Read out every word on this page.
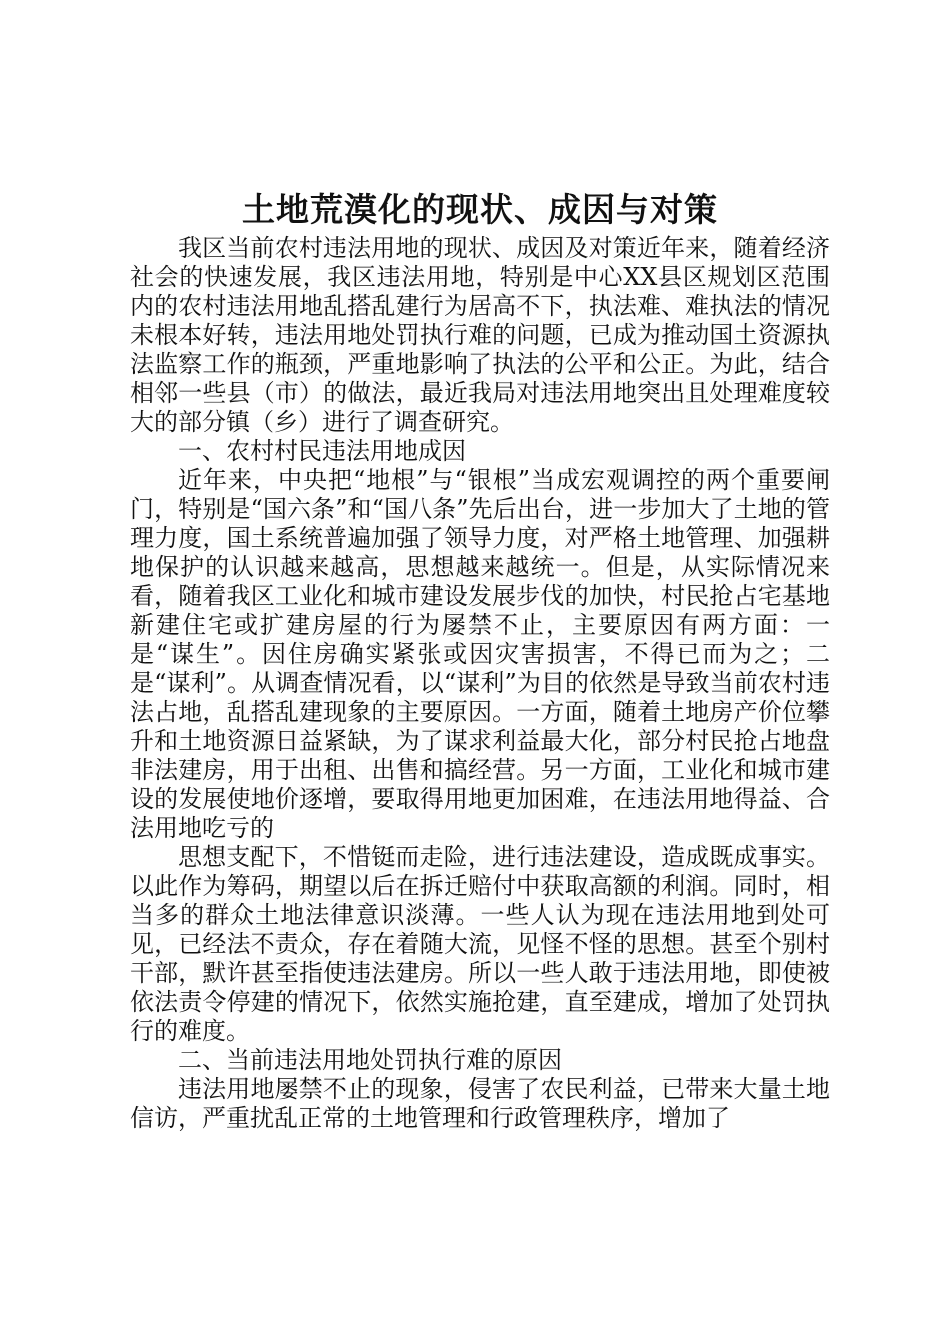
土地荒漠化的现状、成因与对策

我区当前农村违法用地的现状、成因及对策近年来，随着经济社会的快速发展，我区违法用地，特别是中心XX县区规划区范围内的农村违法用地乱搭乱建行为居高不下，执法难、难执法的情况未根本好转，违法用地处罚执行难的问题，已成为推动国土资源执法监察工作的瓶颈，严重地影响了执法的公平和公正。为此，结合相邻一些县（市）的做法，最近我局对违法用地突出且处理难度较大的部分镇（乡）进行了调查研究。

一、农村村民违法用地成因

近年来，中央把“地根”与“银根”当成宏观调控的两个重要闸门，特别是“国六条”和“国八条”先后出台，进一步加大了土地的管理力度，国土系统普遍加强了领导力度，对严格土地管理、加强耕地保护的认识越来越高，思想越来越统一。但是，从实际情况来看，随着我区工业化和城市建设发展步伐的加快，村民抢占宅基地新建住宅或扩建房屋的行为屡禁不止，主要原因有两方面：一是“谋生”。因住房确实紧张或因灾害损害，不得已而为之；二是“谋利”。从调查情况看，以“谋利”为目的依然是导致当前农村违法占地，乱搭乱建现象的主要原因。一方面，随着土地房产价位攀升和土地资源日益紧缺，为了谋求利益最大化，部分村民抢占地盘非法建房，用于出租、出售和搞经营。另一方面，工业化和城市建设的发展使地价逐增，要取得用地更加困难，在违法用地得益、合法用地吃亏的

思想支配下，不惜铤而走险，进行违法建设，造成既成事实。以此作为筹码，期望以后在拆迁赔付中获取高额的利润。同时，相当多的群众土地法律意识淡薄。一些人认为现在违法用地到处可见，已经法不责众，存在着随大流，见怪不怪的思想。甚至个别村干部，默许甚至指使违法建房。所以一些人敢于违法用地，即使被依法责令停建的情况下，依然实施抢建，直至建成，增加了处罚执行的难度。

二、当前违法用地处罚执行难的原因

违法用地屡禁不止的现象，侵害了农民利益，已带来大量土地信访，严重扰乱正常的土地管理和行政管理秩序，增加了
